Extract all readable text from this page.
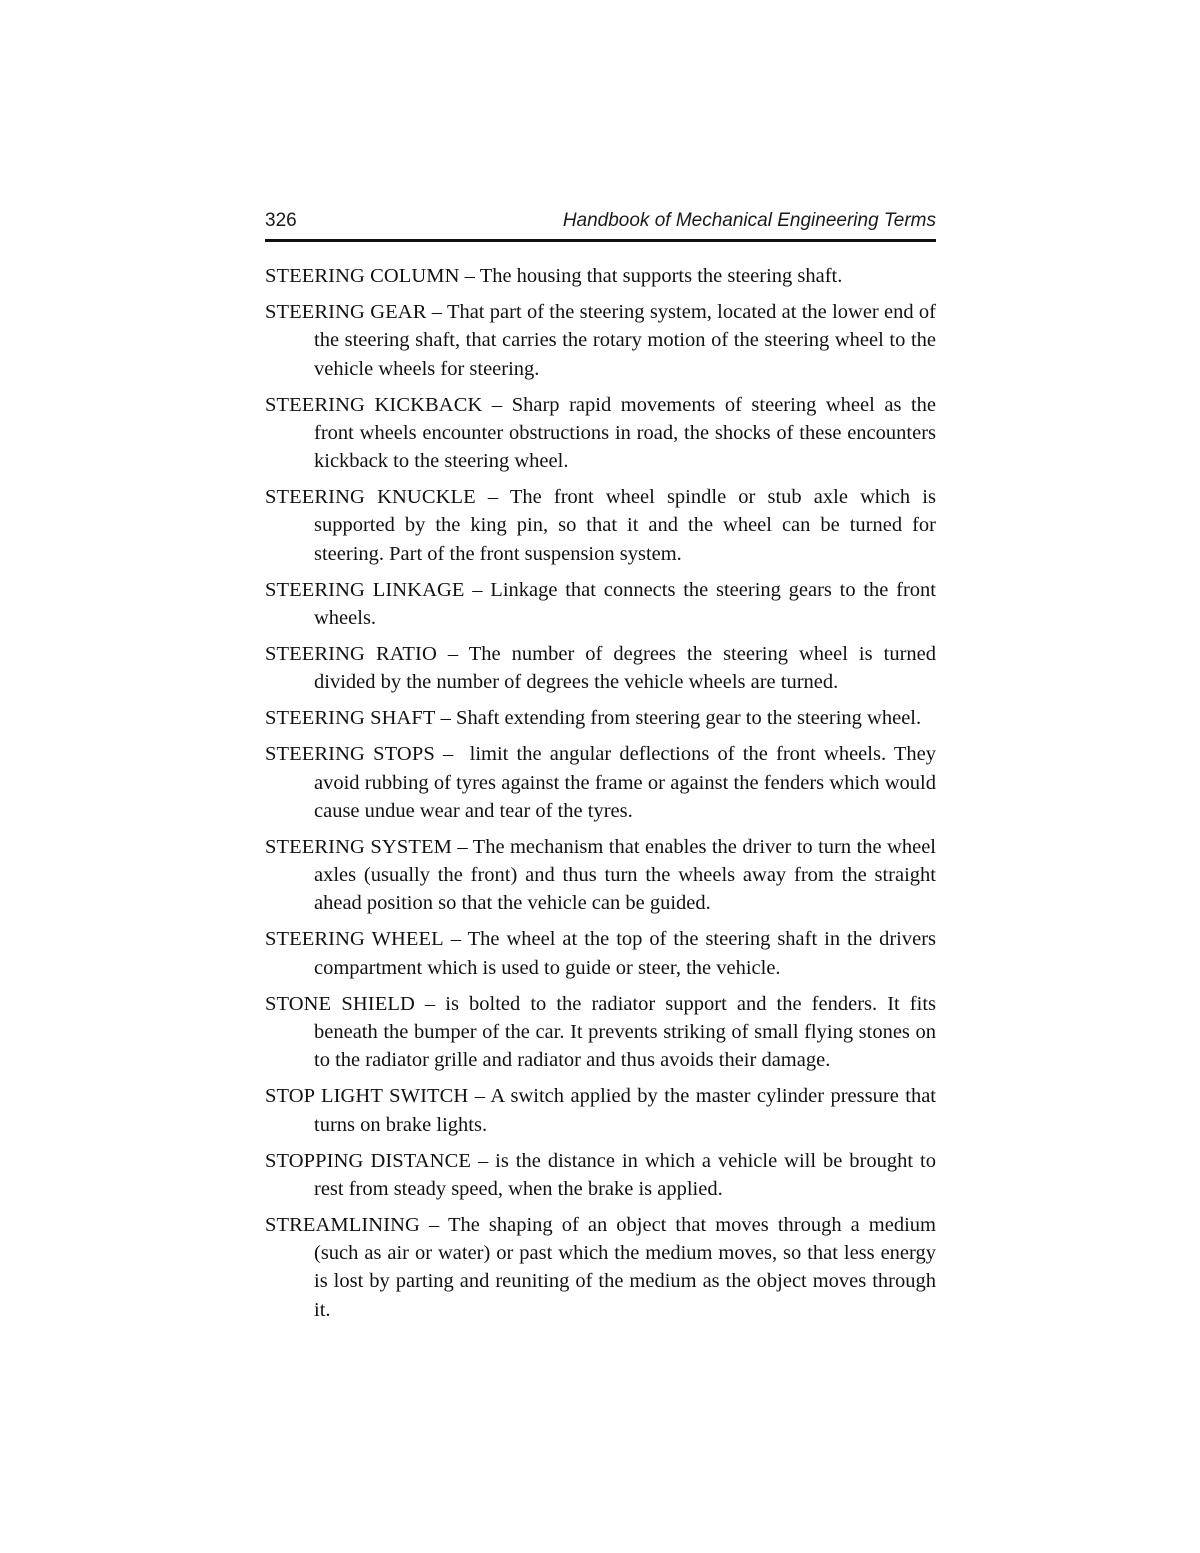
326	Handbook of Mechanical Engineering Terms
STEERING COLUMN – The housing that supports the steering shaft.
STEERING GEAR – That part of the steering system, located at the lower end of the steering shaft, that carries the rotary motion of the steering wheel to the vehicle wheels for steering.
STEERING KICKBACK – Sharp rapid movements of steering wheel as the front wheels encounter obstructions in road, the shocks of these encounters kickback to the steering wheel.
STEERING KNUCKLE – The front wheel spindle or stub axle which is supported by the king pin, so that it and the wheel can be turned for steering. Part of the front suspension system.
STEERING LINKAGE – Linkage that connects the steering gears to the front wheels.
STEERING RATIO – The number of degrees the steering wheel is turned divided by the number of degrees the vehicle wheels are turned.
STEERING SHAFT – Shaft extending from steering gear to the steering wheel.
STEERING STOPS –  limit the angular deflections of the front wheels. They avoid rubbing of tyres against the frame or against the fenders which would cause undue wear and tear of the tyres.
STEERING SYSTEM – The mechanism that enables the driver to turn the wheel axles (usually the front) and thus turn the wheels away from the straight ahead position so that the vehicle can be guided.
STEERING WHEEL – The wheel at the top of the steering shaft in the drivers compartment which is used to guide or steer, the vehicle.
STONE SHIELD – is bolted to the radiator support and the fenders. It fits beneath the bumper of the car. It prevents striking of small flying stones on to the radiator grille and radiator and thus avoids their damage.
STOP LIGHT SWITCH – A switch applied by the master cylinder pressure that turns on brake lights.
STOPPING DISTANCE – is the distance in which a vehicle will be brought to rest from steady speed, when the brake is applied.
STREAMLINING – The shaping of an object that moves through a medium (such as air or water) or past which the medium moves, so that less energy is lost by parting and reuniting of the medium as the object moves through it.
